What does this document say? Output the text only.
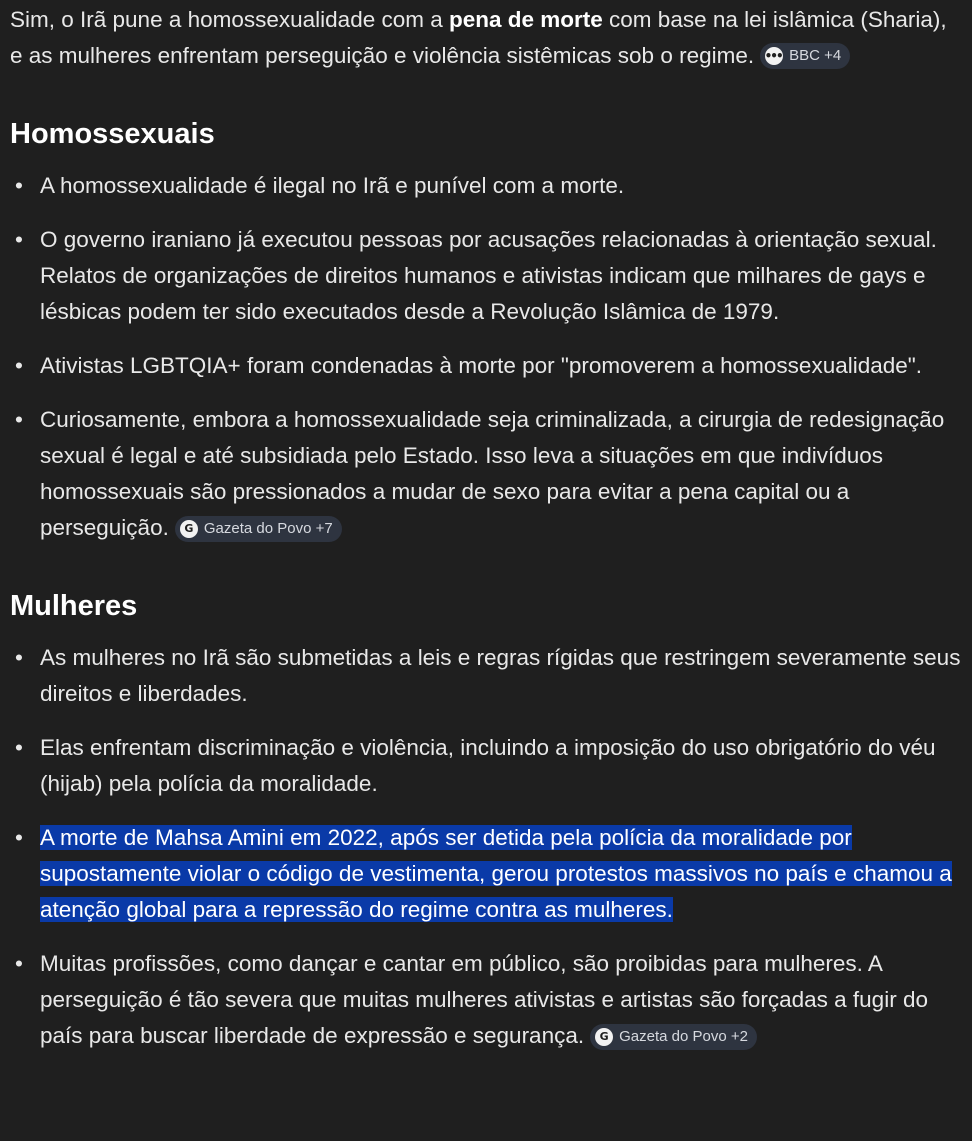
Sim, o Irã pune a homossexualidade com a pena de morte com base na lei islâmica (Sharia), e as mulheres enfrentam perseguição e violência sistêmicas sob o regime. ••• BBC +4

Homossexuais
• A homossexualidade é ilegal no Irã e punível com a morte.
• O governo iraniano já executou pessoas por acusações relacionadas à orientação sexual. Relatos de organizações de direitos humanos e ativistas indicam que milhares de gays e lésbicas podem ter sido executados desde a Revolução Islâmica de 1979.
• Ativistas LGBTQIA+ foram condenadas à morte por "promoverem a homossexualidade".
• Curiosamente, embora a homossexualidade seja criminalizada, a cirurgia de redesignação sexual é legal e até subsidiada pelo Estado. Isso leva a situações em que indivíduos homossexuais são pressionados a mudar de sexo para evitar a pena capital ou a perseguição.	G Gazeta do Povo +7
Mulheres
• As mulheres no Irã são submetidas a leis e regras rígidas que restringem severamente seus direitos e liberdades.
• Elas enfrentam discriminação e violência, incluindo a imposição do uso obrigatório do véu (hijab) pela polícia da moralidade.
• A morte de Mahsa Amini em 2022, após ser detida pela polícia da moralidade por supostamente violar o código de vestimenta, gerou protestos massivos no país e chamou a atenção global para a repressão do regime contra as mulheres.
• Muitas profissões, como dançar e cantar em público, são proibidas para mulheres. A perseguição é tão severa que muitas mulheres ativistas e artistas são forçadas a fugir do país para buscar liberdade de expressão e segurança.	G Gazeta do Povo +2
